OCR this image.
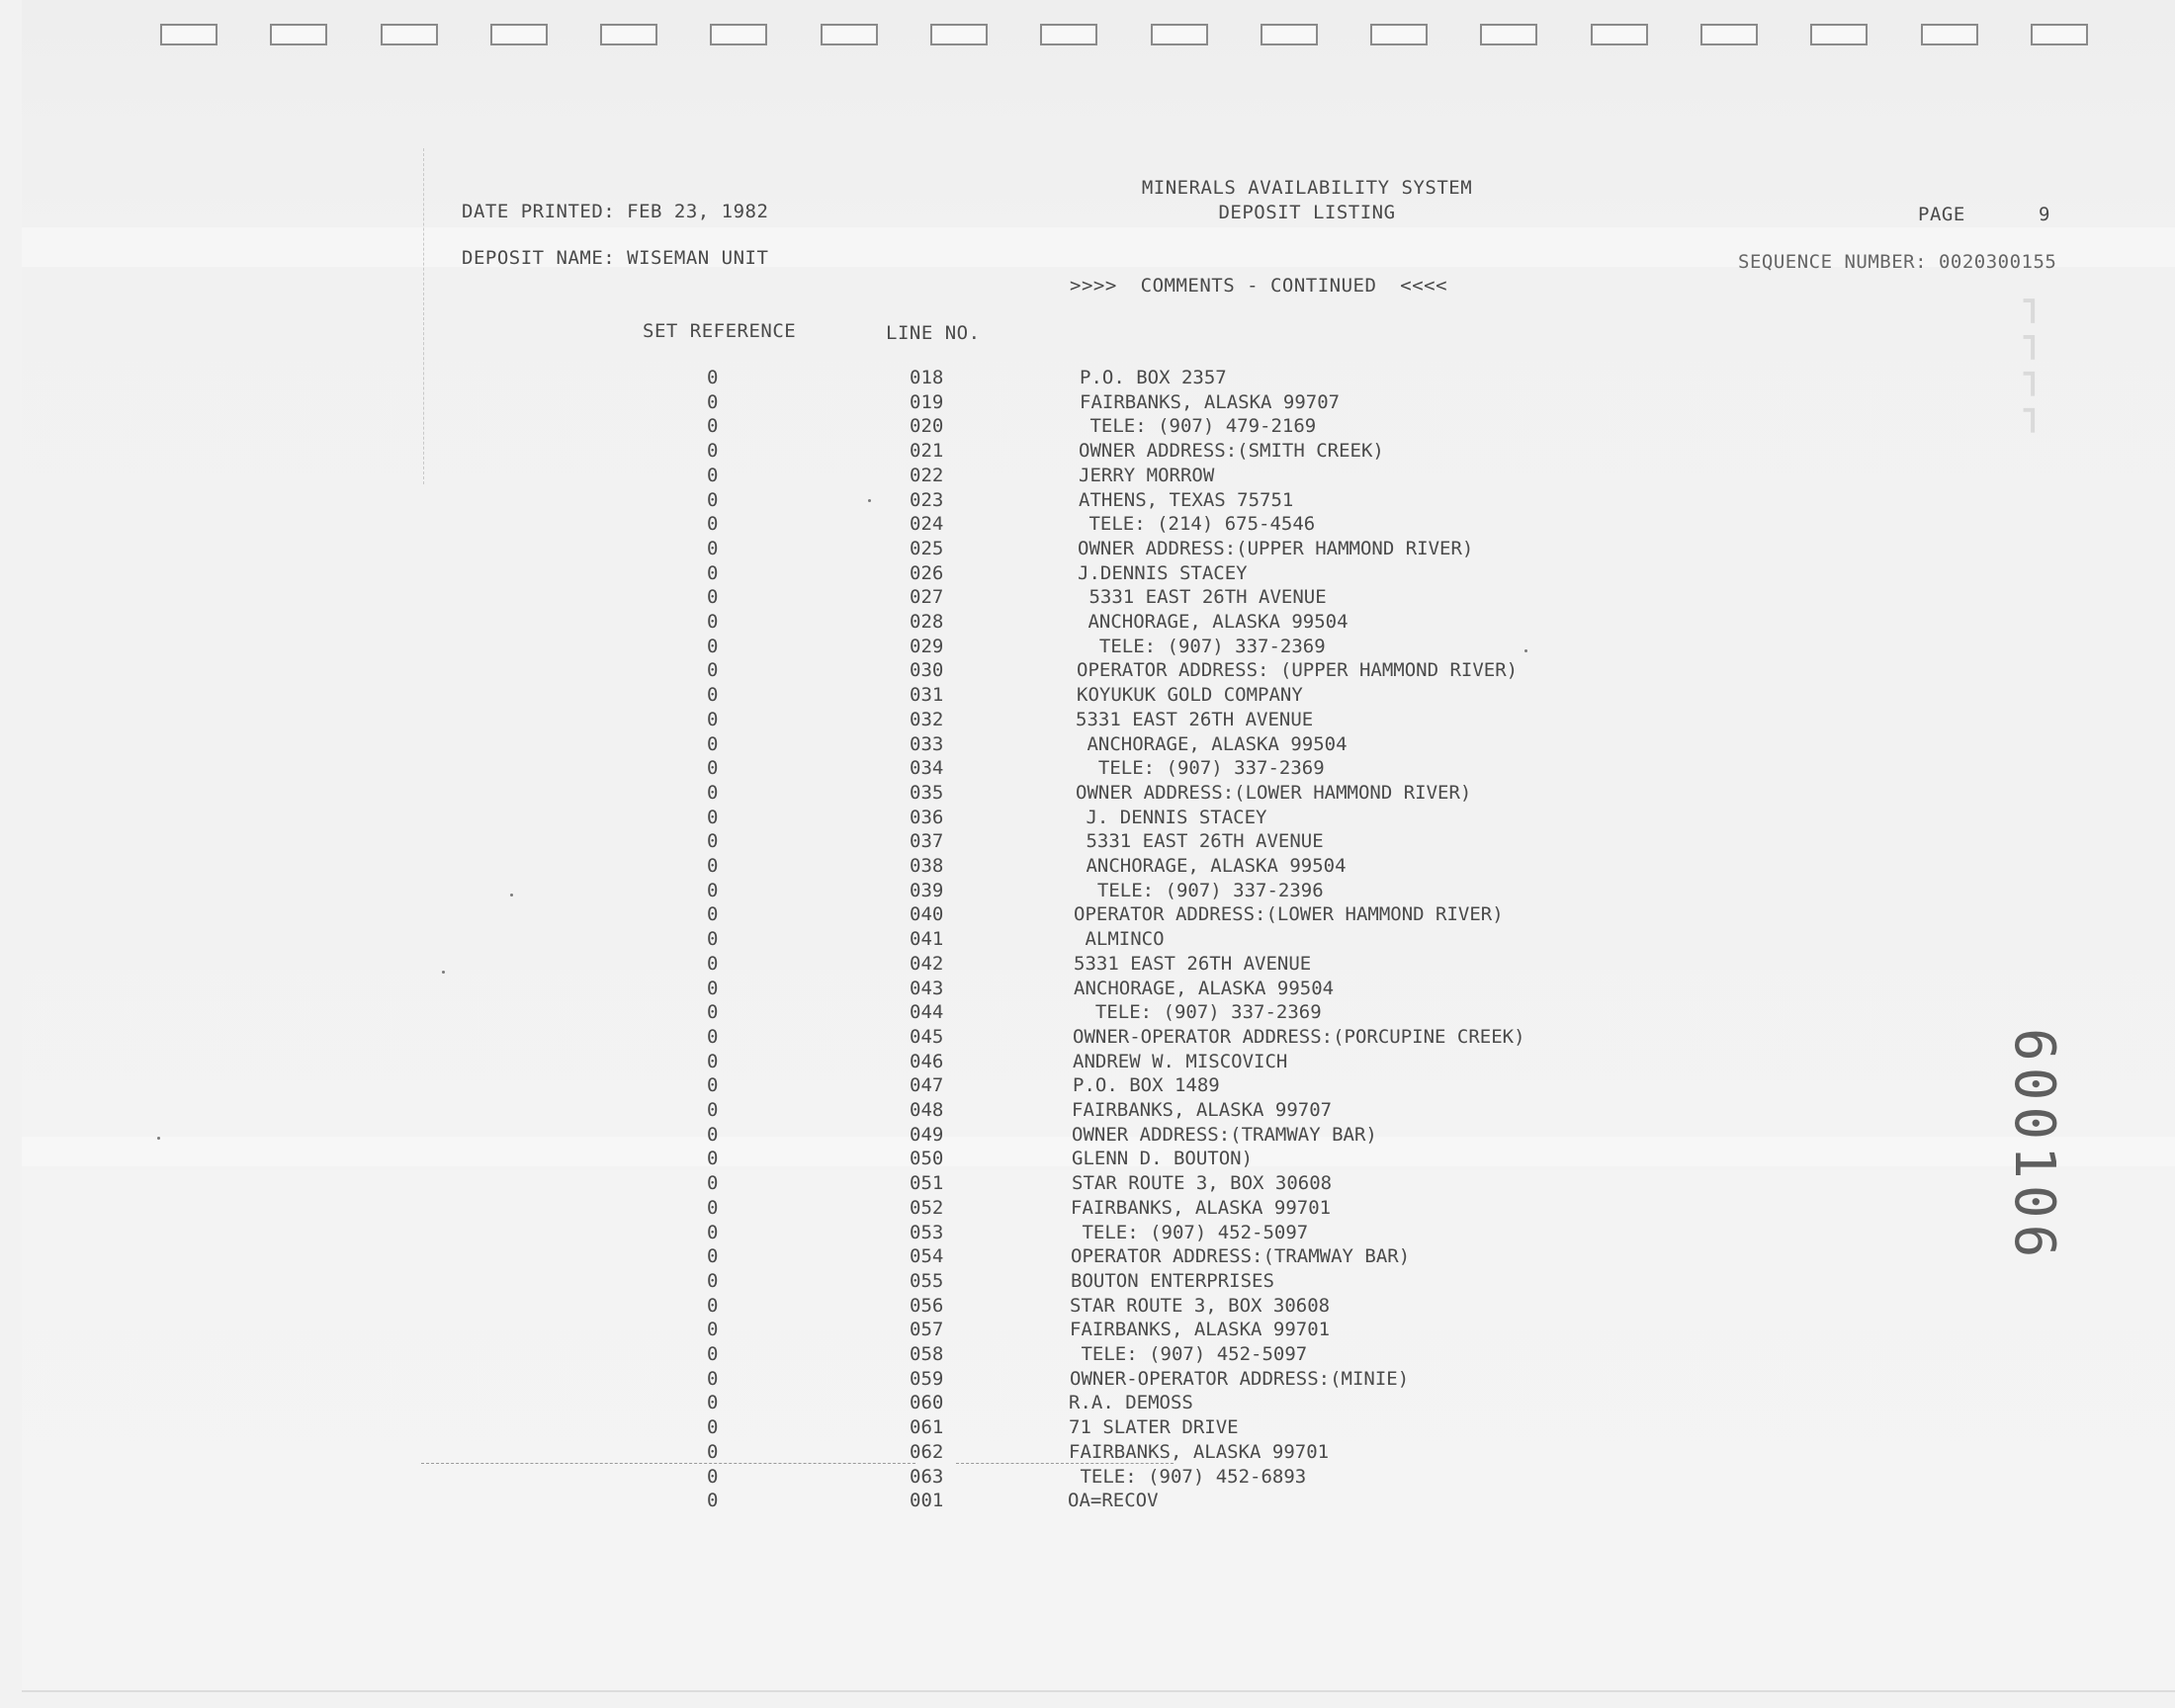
MINERALS AVAILABILITY SYSTEM
DEPOSIT LISTING
DATE PRINTED: FEB 23, 1982	PAGE	9
DEPOSIT NAME: WISEMAN UNIT	SEQUENCE NUMBER: 0020300155
>>>>  COMMENTS - CONTINUED  <<<<
SET REFERENCE	LINE NO.
0	018	P.O. BOX 2357
0	019	FAIRBANKS, ALASKA 99707
0	020	TELE: (907) 479-2169
0	021	OWNER ADDRESS:(SMITH CREEK)
0	022	JERRY MORROW
0	023	ATHENS, TEXAS 75751
0	024	TELE: (214) 675-4546
0	025	OWNER ADDRESS:(UPPER HAMMOND RIVER)
0	026	J.DENNIS STACEY
0	027	5331 EAST 26TH AVENUE
0	028	ANCHORAGE, ALASKA 99504
0	029	TELE: (907) 337-2369
0	030	OPERATOR ADDRESS: (UPPER HAMMOND RIVER)
0	031	KOYUKUK GOLD COMPANY
0	032	5331 EAST 26TH AVENUE
0	033	ANCHORAGE, ALASKA 99504
0	034	TELE: (907) 337-2369
0	035	OWNER ADDRESS:(LOWER HAMMOND RIVER)
0	036	J. DENNIS STACEY
0	037	5331 EAST 26TH AVENUE
0	038	ANCHORAGE, ALASKA 99504
0	039	TELE: (907) 337-2396
0	040	OPERATOR ADDRESS:(LOWER HAMMOND RIVER)
0	041	ALMINCO
0	042	5331 EAST 26TH AVENUE
0	043	ANCHORAGE, ALASKA 99504
0	044	TELE: (907) 337-2369
0	045	OWNER-OPERATOR ADDRESS:(PORCUPINE CREEK)
0	046	ANDREW W. MISCOVICH
0	047	P.O. BOX 1489
0	048	FAIRBANKS, ALASKA 99707
0	049	OWNER ADDRESS:(TRAMWAY BAR)
0	050	GLENN D. BOUTON)
0	051	STAR ROUTE 3, BOX 30608
0	052	FAIRBANKS, ALASKA 99701
0	053	TELE: (907) 452-5097
0	054	OPERATOR ADDRESS:(TRAMWAY BAR)
0	055	BOUTON ENTERPRISES
0	056	STAR ROUTE 3, BOX 30608
0	057	FAIRBANKS, ALASKA 99701
0	058	TELE: (907) 452-5097
0	059	OWNER-OPERATOR ADDRESS:(MINIE)
0	060	R.A. DEMOSS
0	061	71 SLATER DRIVE
0	062	FAIRBANKS, ALASKA 99701
0	063	TELE: (907) 452-6893
0	001	OA=RECOV
⌐⌐⌐⌐
600106
